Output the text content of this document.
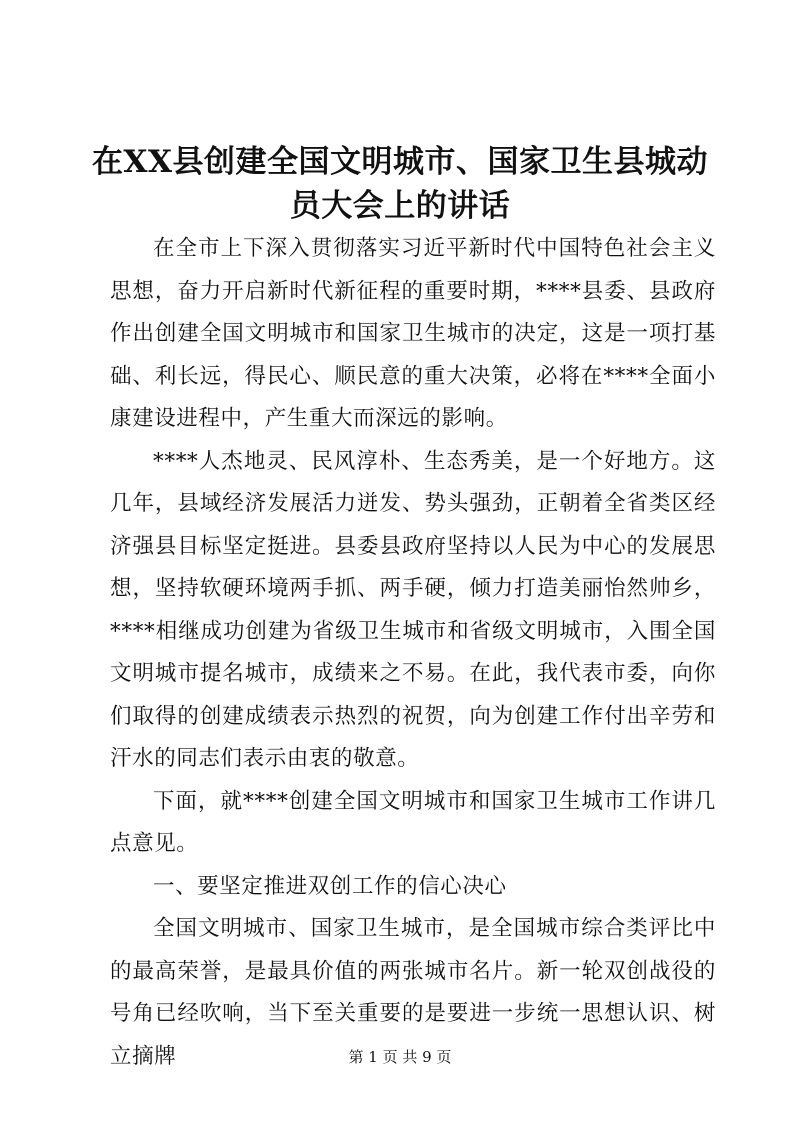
在XX县创建全国文明城市、国家卫生县城动
员大会上的讲话

在全市上下深入贯彻落实习近平新时代中国特色社会主义思想，奋力开启新时代新征程的重要时期，****县委、县政府作出创建全国文明城市和国家卫生城市的决定，这是一项打基础、利长远，得民心、顺民意的重大决策，必将在****全面小康建设进程中，产生重大而深远的影响。

****人杰地灵、民风淳朴、生态秀美，是一个好地方。这几年，县域经济发展活力迸发、势头强劲，正朝着全省类区经济强县目标坚定挺进。县委县政府坚持以人民为中心的发展思想，坚持软硬环境两手抓、两手硬，倾力打造美丽怡然帅乡，****相继成功创建为省级卫生城市和省级文明城市，入围全国文明城市提名城市，成绩来之不易。在此，我代表市委，向你们取得的创建成绩表示热烈的祝贺，向为创建工作付出辛劳和汗水的同志们表示由衷的敬意。

下面，就****创建全国文明城市和国家卫生城市工作讲几点意见。

一、要坚定推进双创工作的信心决心

全国文明城市、国家卫生城市，是全国城市综合类评比中的最高荣誉，是最具价值的两张城市名片。新一轮双创战役的号角已经吹响，当下至关重要的是要进一步统一思想认识、树立摘牌	第 1 页 共 9 页
